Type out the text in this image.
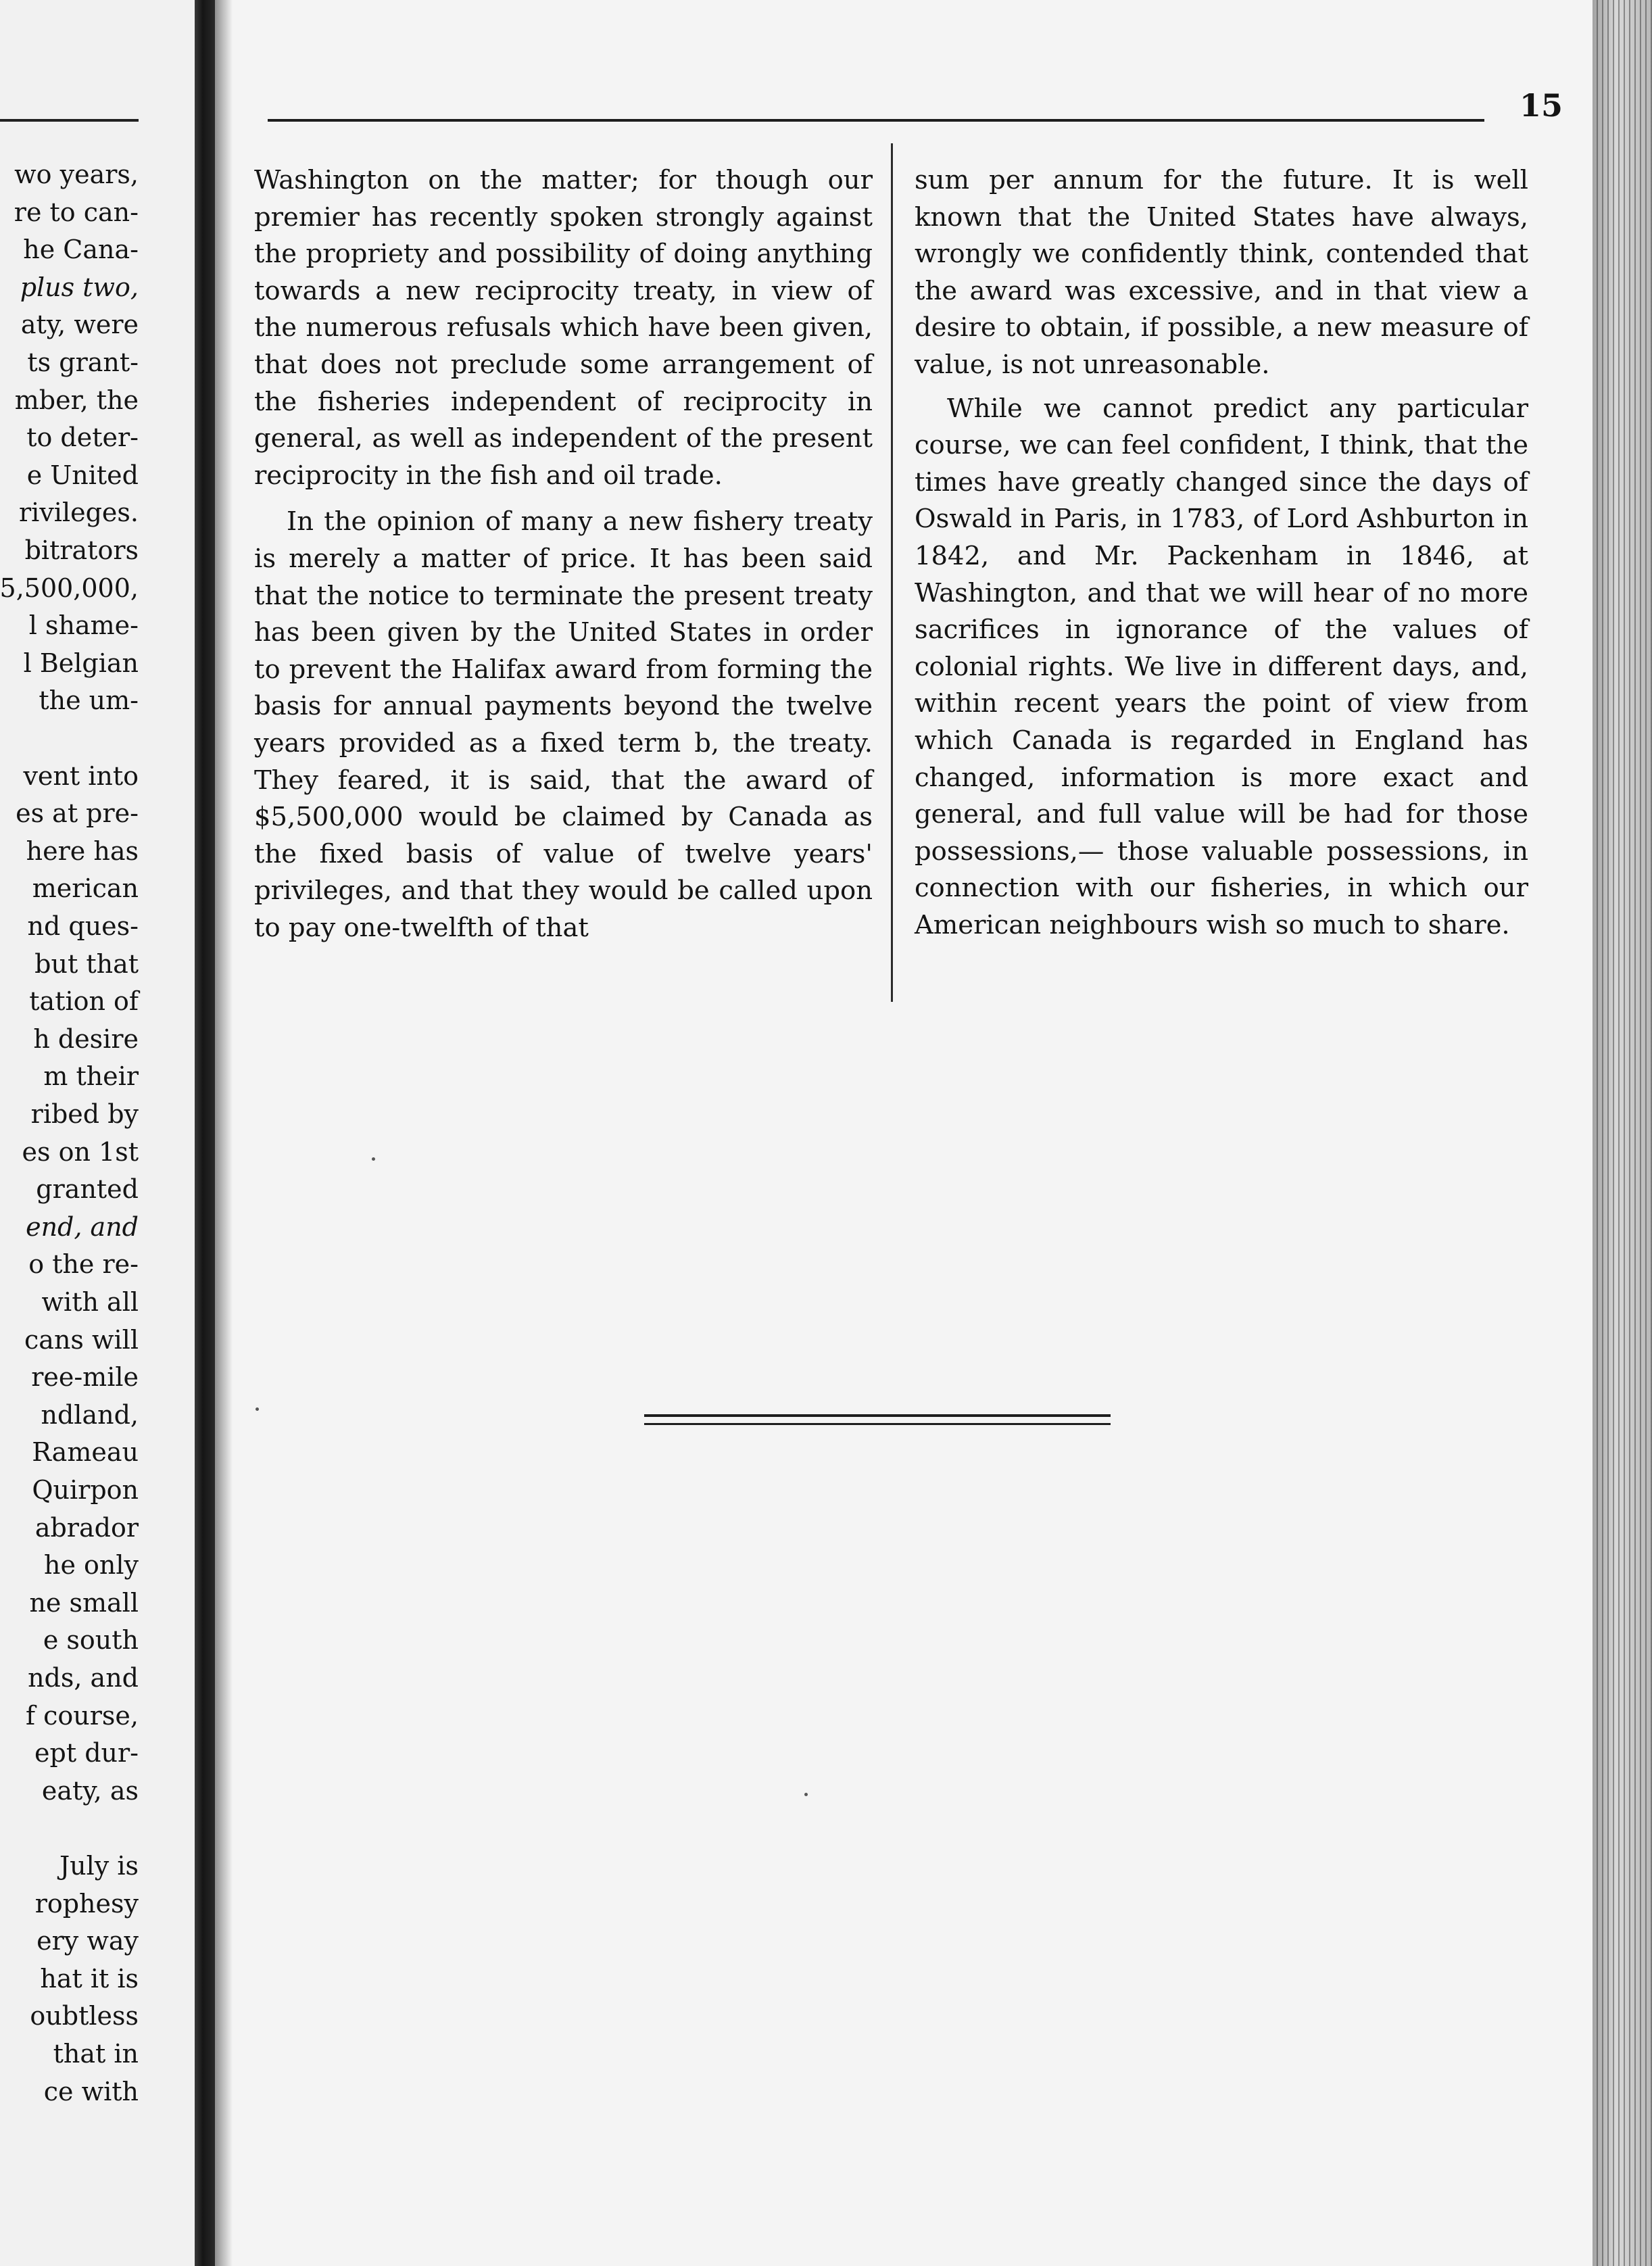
wo years,
re to can-
he Cana-
plus two,
aty, were
ts grant-
mber, the
to deter-
e United
rivileges.
bitrators
5,500,000,
l shame-
l Belgian
the um-
vent into
es at pre-
here has
merican
nd ques-
but that
tation of
h desire
m their
ribed by
es on 1st
granted
end, and
o the re-
with all
cans will
ree-mile
ndland,
Rameau
Quirpon
abrador
he only
ne small
e south
nds, and
f course,
ept dur-
eaty, as
July is
rophesy
ery way
hat it is
oubtless
that in
ce with
15

Washington on the matter; for though our premier has recently spoken strongly against the propriety and possibility of doing anything towards a new reciprocity treaty, in view of the numerous refusals which have been given, that does not preclude some arrangement of the fisheries independent of reciprocity in general, as well as independent of the present reciprocity in the fish and oil trade.

In the opinion of many a new fishery treaty is merely a matter of price. It has been said that the notice to terminate the present treaty has been given by the United States in order to prevent the Halifax award from forming the basis for annual payments beyond the twelve years provided as a fixed term b, the treaty. They feared, it is said, that the award of $5,500,000 would be claimed by Canada as the fixed basis of value of twelve years' privileges, and that they would be called upon to pay one-twelfth of that

sum per annum for the future. It is well known that the United States have always, wrongly we confidently think, contended that the award was excessive, and in that view a desire to obtain, if possible, a new measure of value, is not unreasonable.

While we cannot predict any particular course, we can feel confident, I think, that the times have greatly changed since the days of Oswald in Paris, in 1783, of Lord Ashburton in 1842, and Mr. Packenham in 1846, at Washington, and that we will hear of no more sacrifices in ignorance of the values of colonial rights. We live in different days, and, within recent years the point of view from which Canada is regarded in England has changed, information is more exact and general, and full value will be had for those possessions,— those valuable possessions, in connection with our fisheries, in which our American neighbours wish so much to share.
